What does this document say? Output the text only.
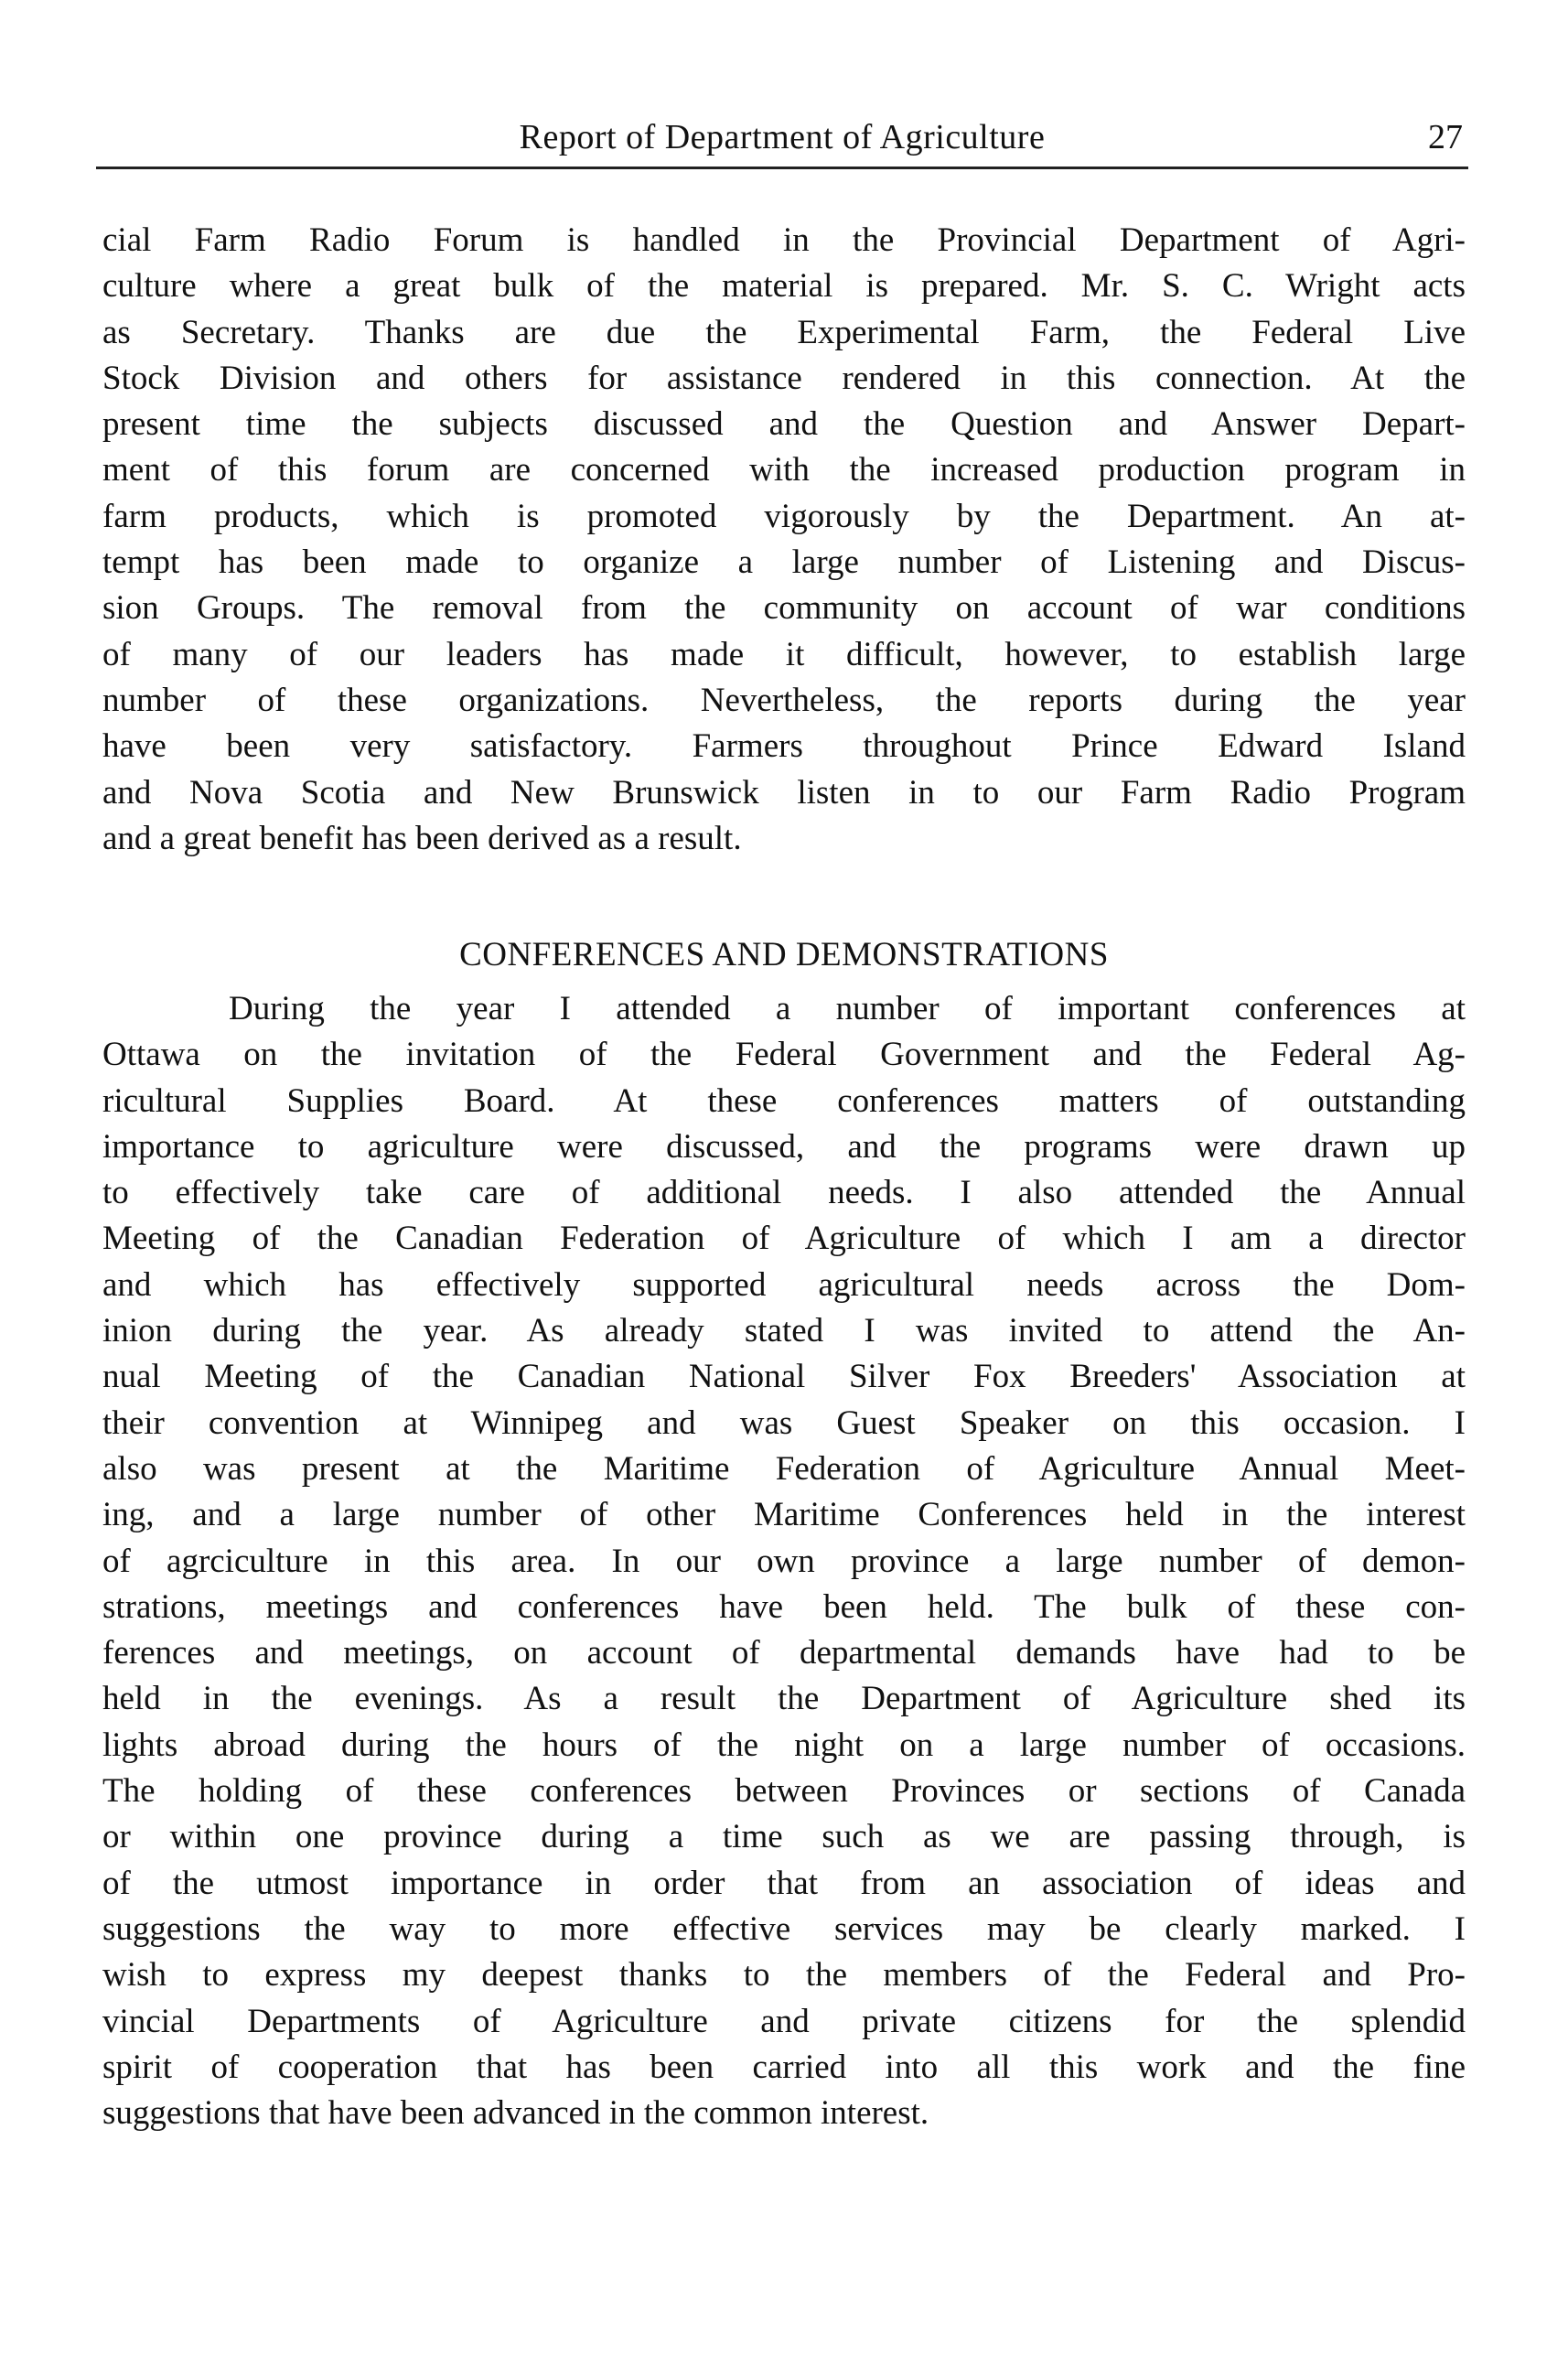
Report of Department of Agriculture	27
cial Farm Radio Forum is handled in the Provincial Department of Agri-
culture where a great bulk of the material is prepared. Mr. S. C. Wright acts
as Secretary. Thanks are due the Experimental Farm, the Federal Live
Stock Division and others for assistance rendered in this connection. At the
present time the subjects discussed and the Question and Answer Depart-
ment of this forum are concerned with the increased production program in
farm products, which is promoted vigorously by the Department. An at-
tempt has been made to organize a large number of Listening and Discus-
sion Groups. The removal from the community on account of war conditions
of many of our leaders has made it difficult, however, to establish large
number of these organizations. Nevertheless, the reports during the year
have been very satisfactory. Farmers throughout Prince Edward Island
and Nova Scotia and New Brunswick listen in to our Farm Radio Program
and a great benefit has been derived as a result.
CONFERENCES AND DEMONSTRATIONS
During the year I attended a number of important conferences at
Ottawa on the invitation of the Federal Government and the Federal Ag-
ricultural Supplies Board. At these conferences matters of outstanding
importance to agriculture were discussed, and the programs were drawn up
to effectively take care of additional needs. I also attended the Annual
Meeting of the Canadian Federation of Agriculture of which I am a director
and which has effectively supported agricultural needs across the Dom-
inion during the year. As already stated I was invited to attend the An-
nual Meeting of the Canadian National Silver Fox Breeders' Association at
their convention at Winnipeg and was Guest Speaker on this occasion. I
also was present at the Maritime Federation of Agriculture Annual Meet-
ing, and a large number of other Maritime Conferences held in the interest
of agrciculture in this area. In our own province a large number of demon-
strations, meetings and conferences have been held. The bulk of these con-
ferences and meetings, on account of departmental demands have had to be
held in the evenings. As a result the Department of Agriculture shed its
lights abroad during the hours of the night on a large number of occasions.
The holding of these conferences between Provinces or sections of Canada
or within one province during a time such as we are passing through, is
of the utmost importance in order that from an association of ideas and
suggestions the way to more effective services may be clearly marked. I
wish to express my deepest thanks to the members of the Federal and Pro-
vincial Departments of Agriculture and private citizens for the splendid
spirit of cooperation that has been carried into all this work and the fine
suggestions that have been advanced in the common interest.
